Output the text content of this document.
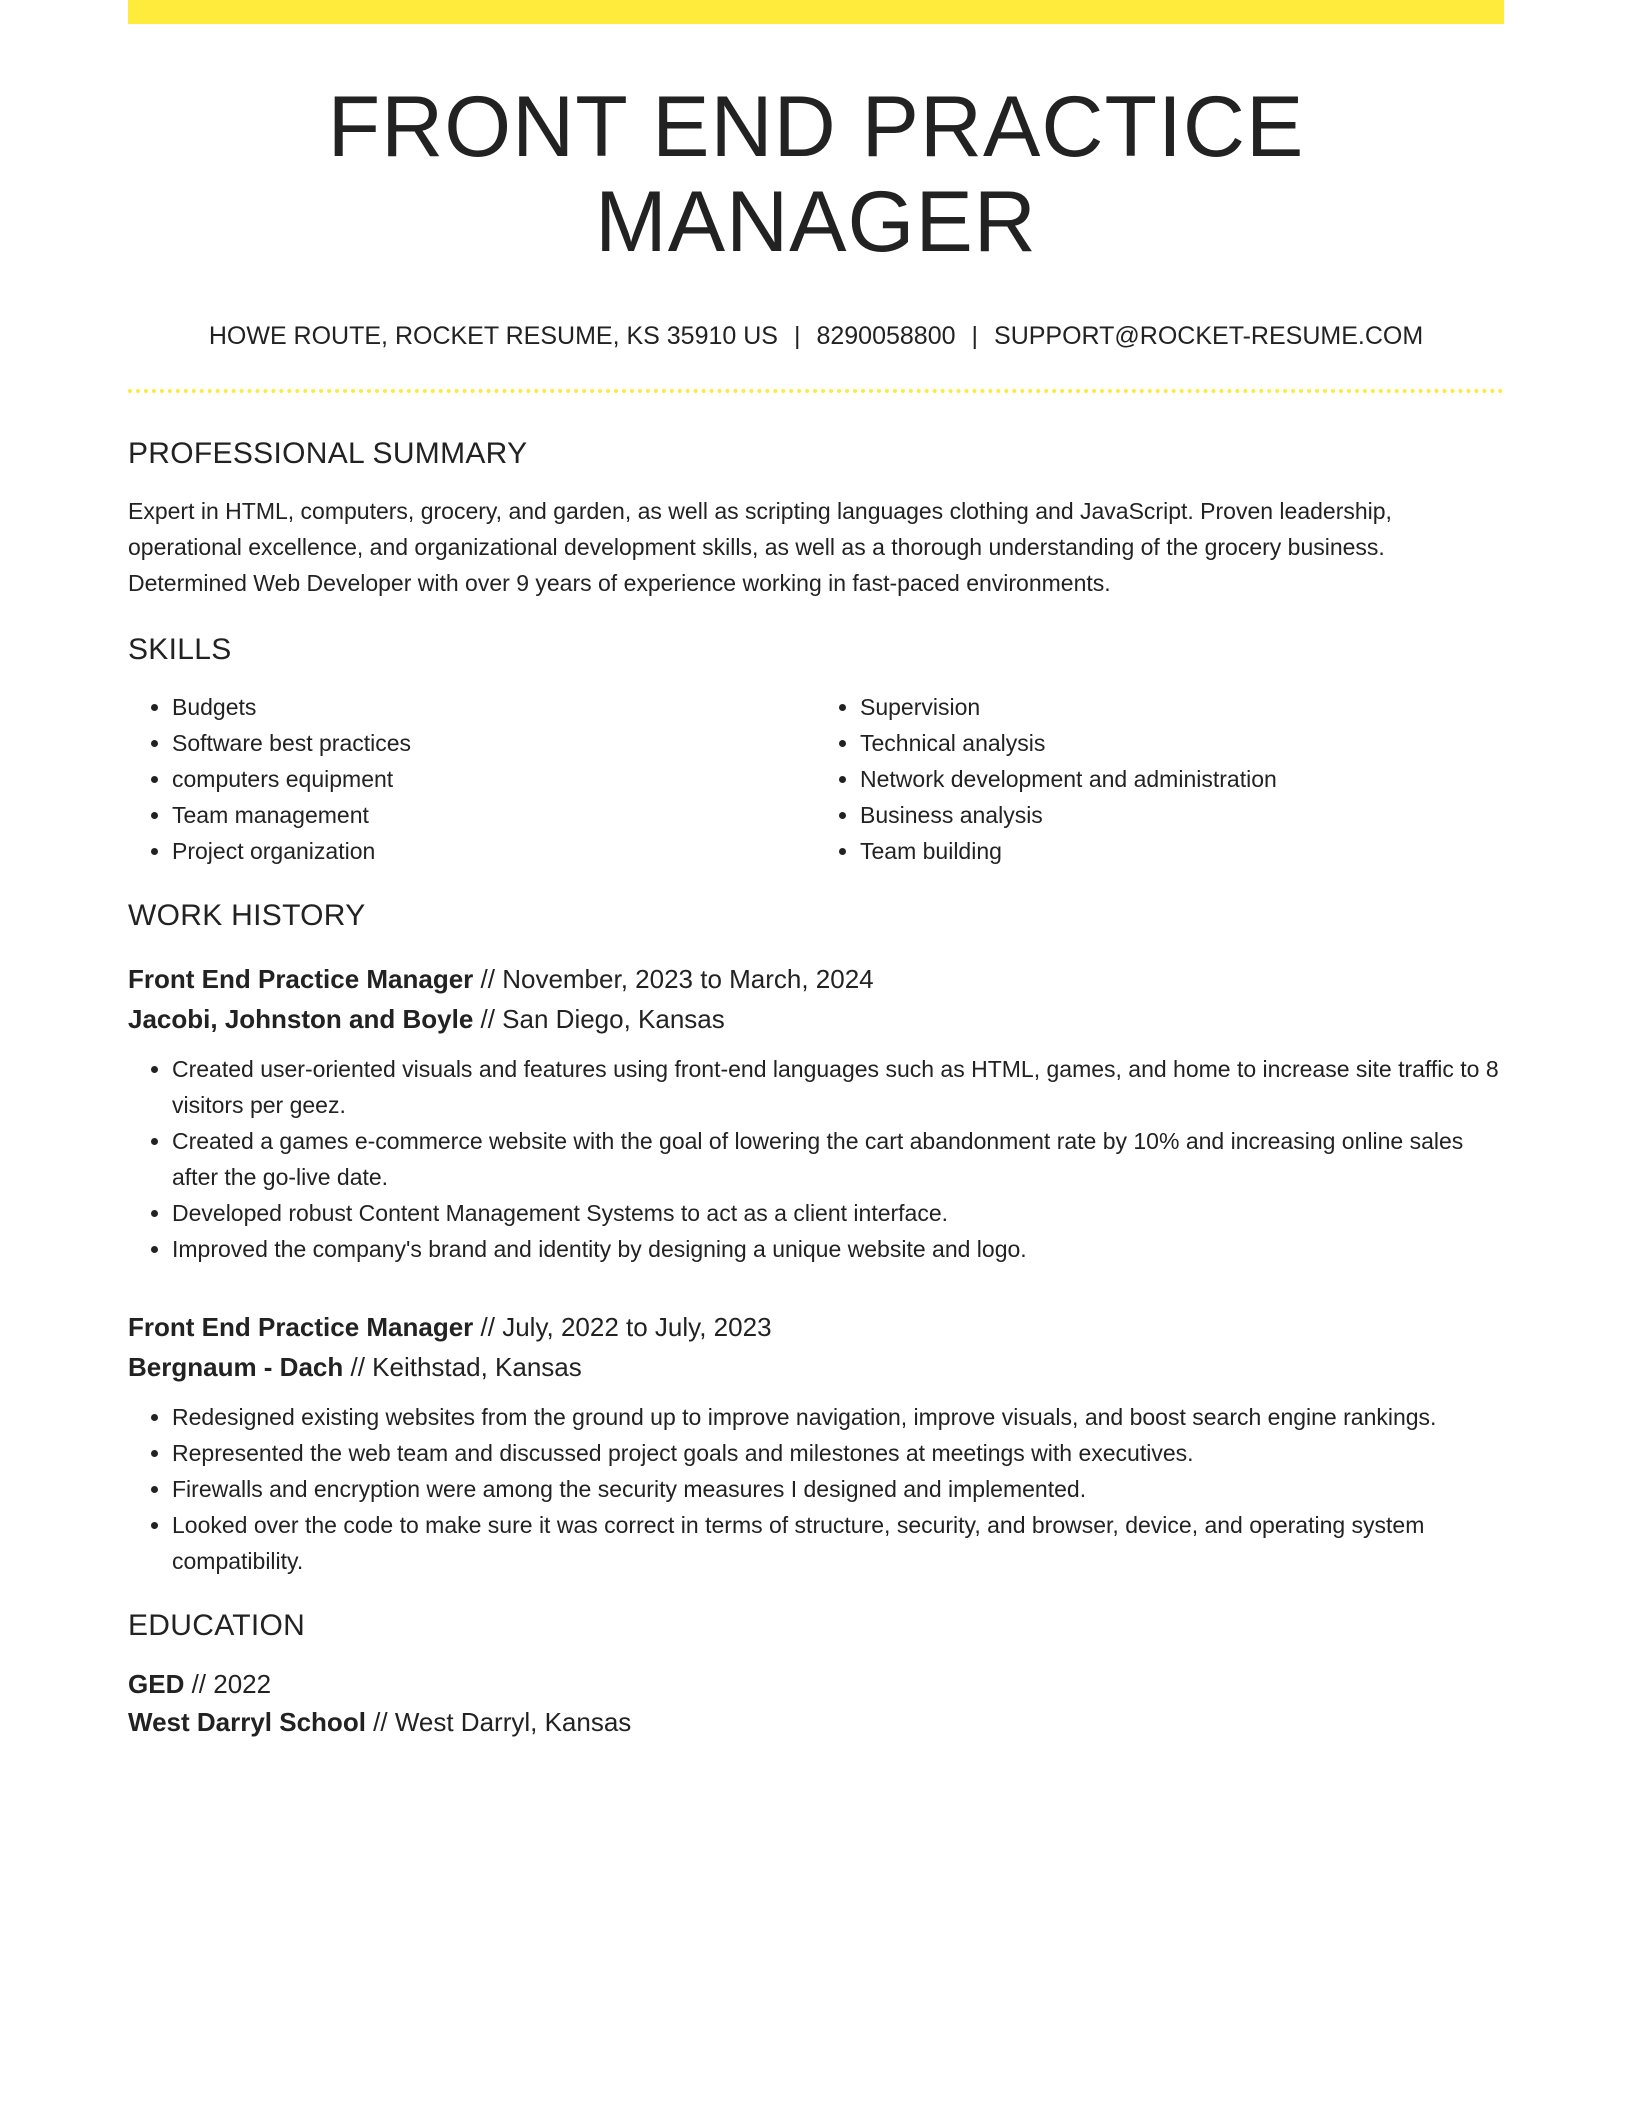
FRONT END PRACTICE MANAGER
HOWE ROUTE, ROCKET RESUME, KS 35910 US | 8290058800 | SUPPORT@ROCKET-RESUME.COM
PROFESSIONAL SUMMARY

Expert in HTML, computers, grocery, and garden, as well as scripting languages clothing and JavaScript. Proven leadership, operational excellence, and organizational development skills, as well as a thorough understanding of the grocery business. Determined Web Developer with over 9 years of experience working in fast-paced environments.

SKILLS
• Budgets
• Software best practices
• computers equipment
• Team management
• Project organization
• Supervision
• Technical analysis
• Network development and administration
• Business analysis
• Team building
WORK HISTORY
Front End Practice Manager // November, 2023 to March, 2024
Jacobi, Johnston and Boyle // San Diego, Kansas
• Created user-oriented visuals and features using front-end languages such as HTML, games, and home to increase site traffic to 8 visitors per geez.
• Created a games e-commerce website with the goal of lowering the cart abandonment rate by 10% and increasing online sales after the go-live date.
• Developed robust Content Management Systems to act as a client interface.
• Improved the company's brand and identity by designing a unique website and logo.
Front End Practice Manager // July, 2022 to July, 2023
Bergnaum - Dach // Keithstad, Kansas
• Redesigned existing websites from the ground up to improve navigation, improve visuals, and boost search engine rankings.
• Represented the web team and discussed project goals and milestones at meetings with executives.
• Firewalls and encryption were among the security measures I designed and implemented.
• Looked over the code to make sure it was correct in terms of structure, security, and browser, device, and operating system compatibility.
EDUCATION
GED // 2022
West Darryl School // West Darryl, Kansas
